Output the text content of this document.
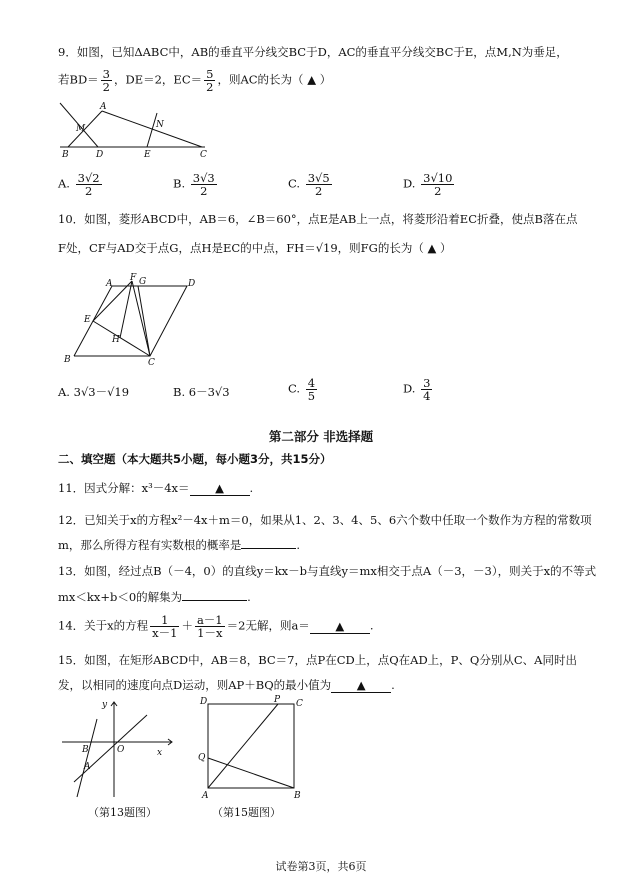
9．如图，已知ΔABC中，AB的垂直平分线交BC于D，AC的垂直平分线交BC于E，点M,N为垂足，
若$BD= \frac{3}{2}$ ，DE＝2，$EC= \frac{5}{2}$ ，则AC的长为（ ▲ ）
A
M	N
B	D	E	C
A. $\frac{3√2}{2}$	B. $\frac{3√3}{2}$	C. $\frac{3√5}{2}$	D. $\frac{3√10}{2}$
10．如图，菱形ABCD中，AB＝6，∠B＝60°，点E是AB上一点，将菱形沿着EC折叠，使点B落在点
F处，CF与AD交于点G，点H是EC的中点，FH＝√19，则FG的长为（ ▲ ）
A
F G	D
E
H
B	C
A. 3√3－√19	B. 6－3√3	C. $\frac{4}{5}$	D. $\frac{3}{4}$
第二部分 非选择题
二、填空题（本大题共5小题，每小题3分，共15分）
11．因式分解：x³－4x＝ ▲ .
12．已知关于x的方程x²－4x＋m＝0，如果从1、2、3、4、5、6六个数中任取一个数作为方程的常数项
m，那么所得方程有实数根的概率是	.
13．如图，经过点B（－4，0）的直线y＝kx－b与直线y＝mx相交于点A（－3，－3），则关于x的不等式
mx＜kx+b＜0的解集为	.
14．关于x的方程 $\frac{1}{x-1} + \frac{a-1}{1-x} =2$无解，则a＝ ▲ .
15．如图，在矩形ABCD中，AB＝8，BC＝7，点P在CD上，点Q在AD上，P、Q分别从C、A同时出
发，以相同的速度向点D运动，则AP＋BQ的最小值为 ▲ .
y
B	O	x
A
（第13题图）
D	P C
Q
A	B
（第15题图）
试卷第3页，共6页
